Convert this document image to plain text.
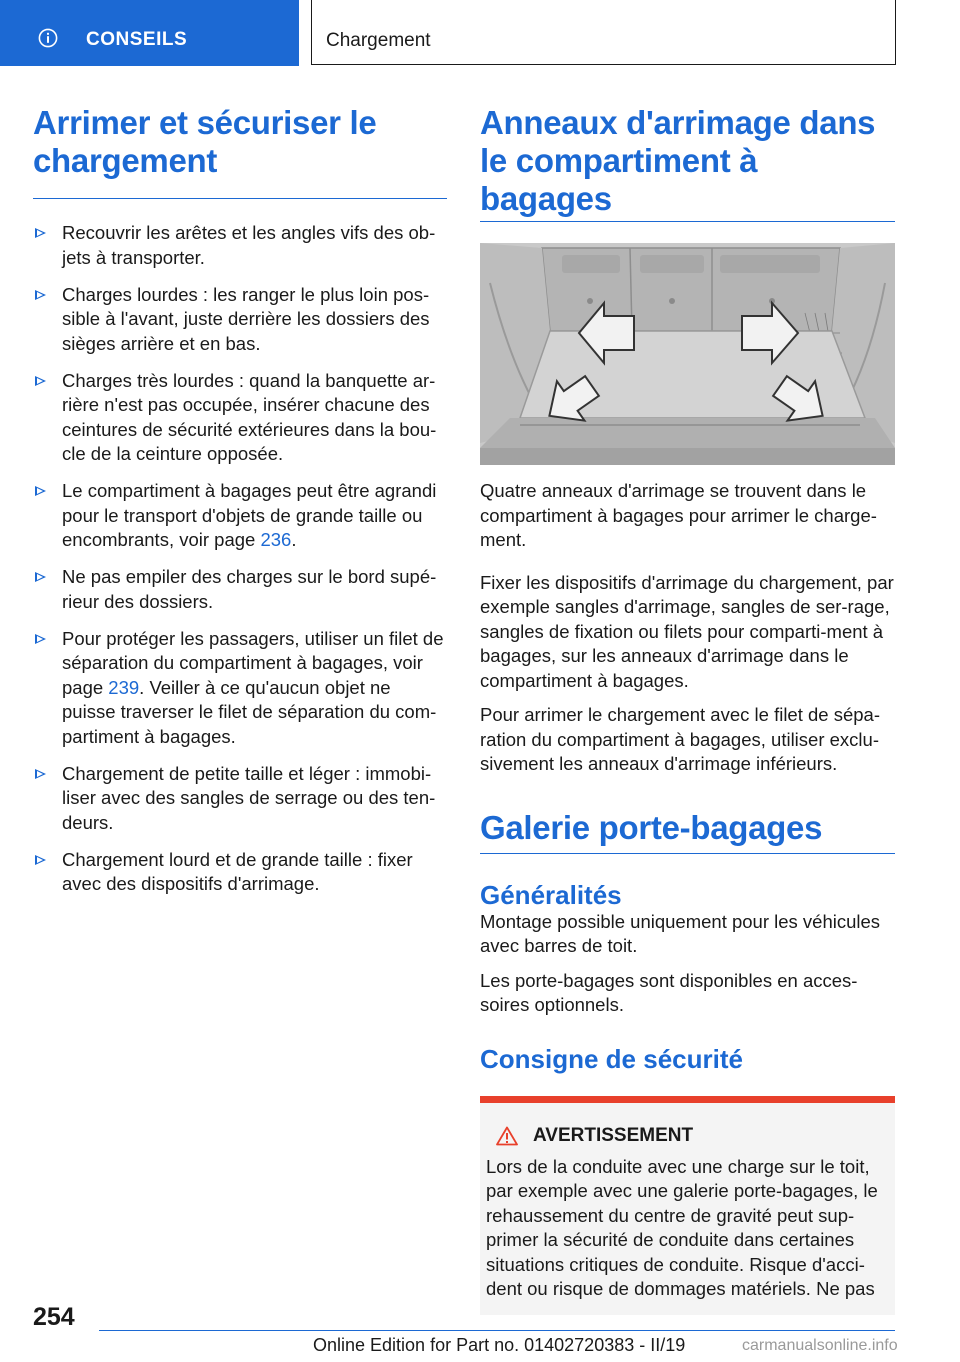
CONSEILS	Chargement
Arrimer et sécuriser le chargement
Recouvrir les arêtes et les angles vifs des ob‐jets à transporter.
Charges lourdes : les ranger le plus loin pos‐sible à l'avant, juste derrière les dossiers des sièges arrière et en bas.
Charges très lourdes : quand la banquette ar‐rière n'est pas occupée, insérer chacune des ceintures de sécurité extérieures dans la bou‐cle de la ceinture opposée.
Le compartiment à bagages peut être agrandi pour le transport d'objets de grande taille ou encombrants, voir page 236.
Ne pas empiler des charges sur le bord supé‐rieur des dossiers.
Pour protéger les passagers, utiliser un filet de séparation du compartiment à bagages, voir page 239. Veiller à ce qu'aucun objet ne puisse traverser le filet de séparation du com‐partiment à bagages.
Chargement de petite taille et léger : immobi‐liser avec des sangles de serrage ou des ten‐deurs.
Chargement lourd et de grande taille : fixer avec des dispositifs d'arrimage.
Anneaux d'arrimage dans le compartiment à bagages

Quatre anneaux d'arrimage se trouvent dans le compartiment à bagages pour arrimer le charge‐ment.

Fixer les dispositifs d'arrimage du chargement, par exemple sangles d'arrimage, sangles de ser‐rage, sangles de fixation ou filets pour comparti‐ment à bagages, sur les anneaux d'arrimage dans le compartiment à bagages.

Pour arrimer le chargement avec le filet de sépa‐ration du compartiment à bagages, utiliser exclu‐sivement les anneaux d'arrimage inférieurs.

Galerie porte-bagages
Généralités

Montage possible uniquement pour les véhicules avec barres de toit.

Les porte-bagages sont disponibles en acces‐soires optionnels.

Consigne de sécurité
AVERTISSEMENT

Lors de la conduite avec une charge sur le toit, par exemple avec une galerie porte-bagages, le rehaussement du centre de gravité peut sup‐primer la sécurité de conduite dans certaines situations critiques de conduite. Risque d'acci‐dent ou risque de dommages matériels. Ne pas

254
Online Edition for Part no. 01402720383 - II/19	carmanualsonline.info
